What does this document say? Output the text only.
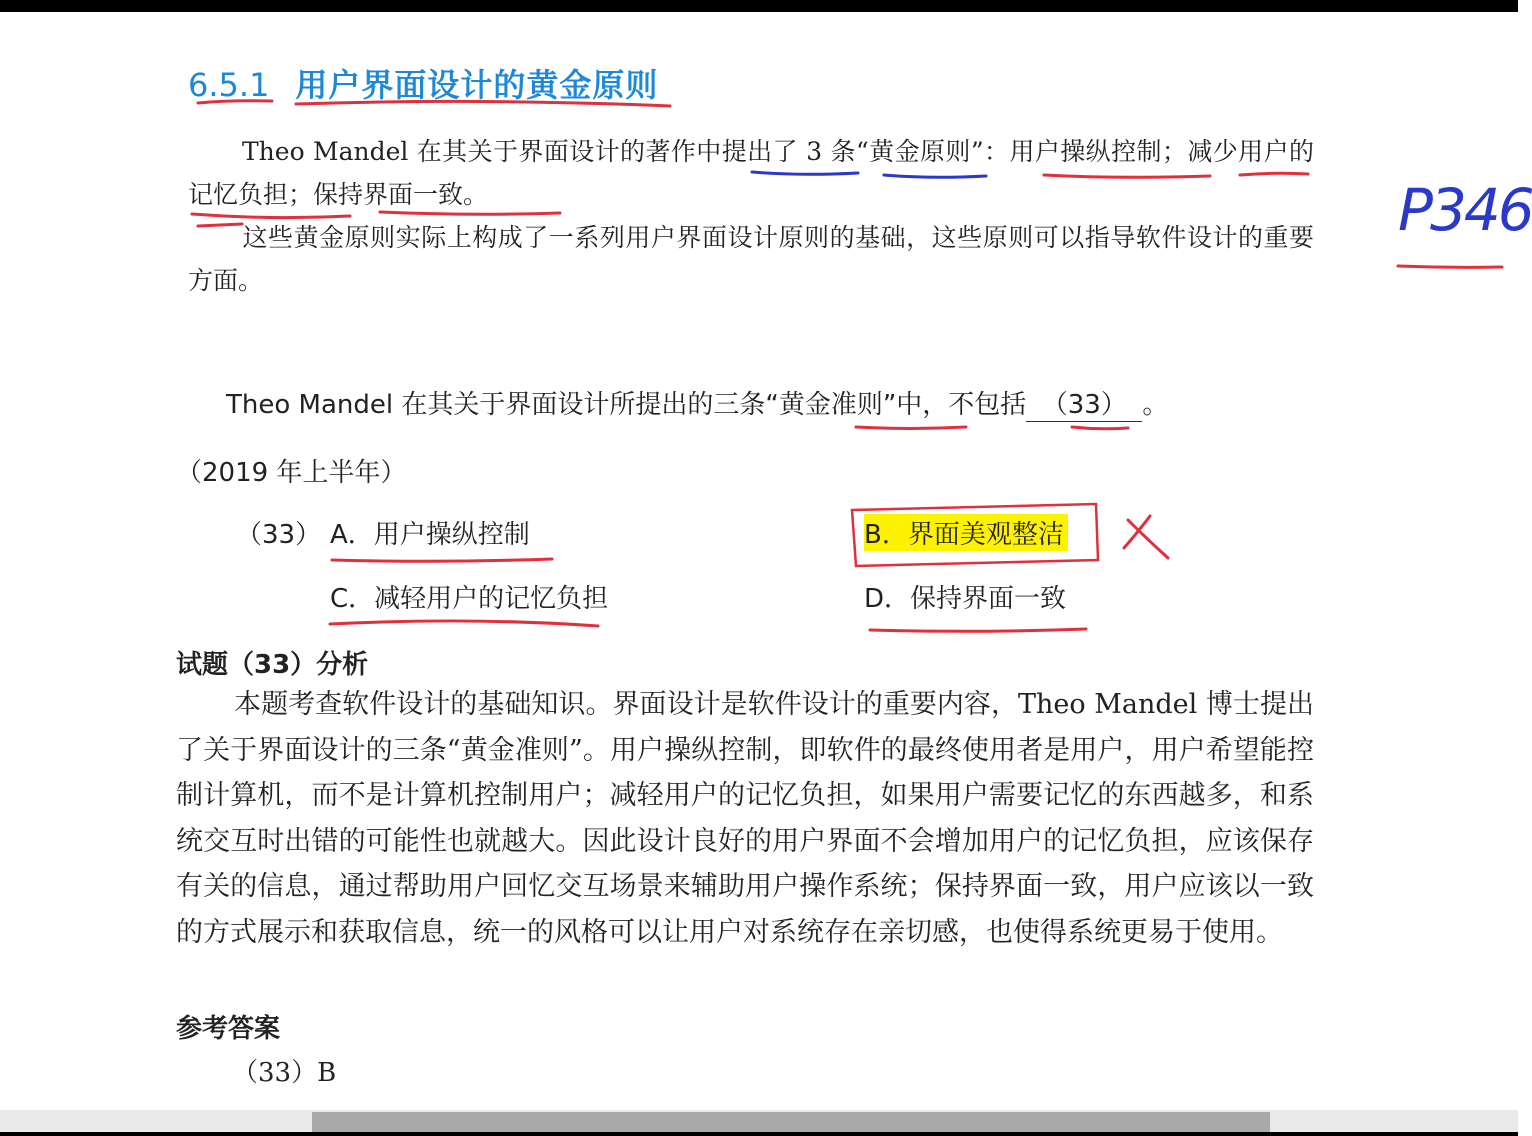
6.5.1 用户界面设计的黄金原则

Theo Mandel 在其关于界面设计的著作中提出了 3 条“黄金原则”：用户操纵控制；减少用户的记忆负担；保持界面一致。

这些黄金原则实际上构成了一系列用户界面设计原则的基础，这些原则可以指导软件设计的重要方面。

Theo Mandel 在其关于界面设计所提出的三条“黄金准则”中，不包括 （33） 。
（2019 年上半年）
（33） A．用户操纵控制	B．界面美观整洁
C．减轻用户的记忆负担	D．保持界面一致
试题（33）分析

本题考查软件设计的基础知识。界面设计是软件设计的重要内容，Theo Mandel 博士提出了关于界面设计的三条“黄金准则”。用户操纵控制，即软件的最终使用者是用户，用户希望能控制计算机，而不是计算机控制用户；减轻用户的记忆负担，如果用户需要记忆的东西越多，和系统交互时出错的可能性也就越大。因此设计良好的用户界面不会增加用户的记忆负担，应该保存有关的信息，通过帮助用户回忆交互场景来辅助用户操作系统；保持界面一致，用户应该以一致的方式展示和获取信息，统一的风格可以让用户对系统存在亲切感，也使得系统更易于使用。

参考答案
（33）B
P346
